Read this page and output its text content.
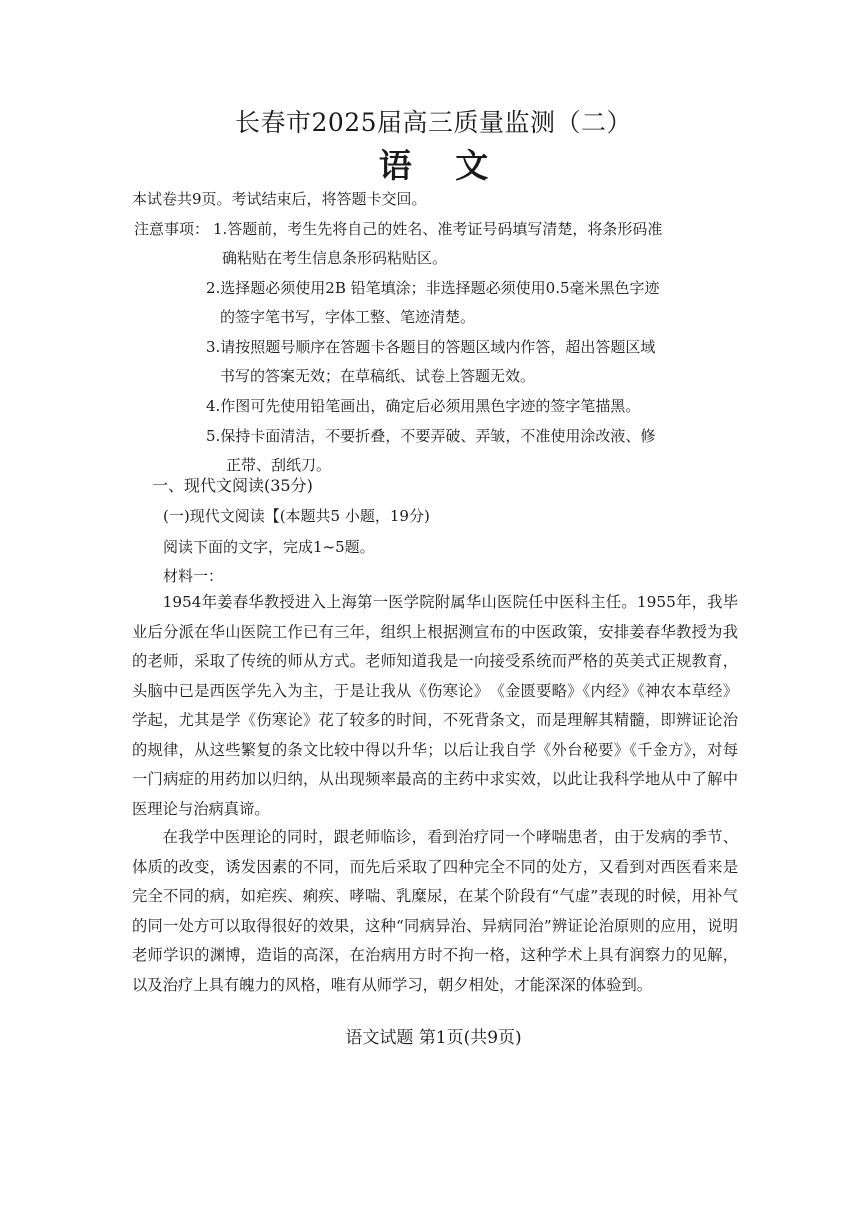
长春市2025届高三质量监测（二）
语 文
本试卷共9页。考试结束后，将答题卡交回。
注意事项： 1.答题前，考生先将自己的姓名、准考证号码填写清楚，将条形码准
确粘贴在考生信息条形码粘贴区。
2.选择题必须使用2B 铅笔填涂；非选择题必须使用0.5毫米黑色字迹
的签字笔书写，字体工整、笔迹清楚。
3.请按照题号顺序在答题卡各题目的答题区域内作答，超出答题区域
书写的答案无效；在草稿纸、试卷上答题无效。
4.作图可先使用铅笔画出，确定后必须用黑色字迹的签字笔描黑。
5.保持卡面清洁，不要折叠，不要弄破、弄皱，不准使用涂改液、修
正带、刮纸刀。
一、现代文阅读(35分)
(一)现代文阅读【(本题共5 小题，19分)
阅读下面的文字，完成1~5题。
材料一：
1954年姜春华教授进入上海第一医学院附属华山医院任中医科主任。1955年，我毕业后分派在华山医院工作已有三年，组织上根据测宣布的中医政策，安排姜春华教授为我的老师，采取了传统的师从方式。老师知道我是一向接受系统而严格的英美式正规教育，头脑中已是西医学先入为主，于是让我从《伤寒论》　《金匮要略》《内经》《神农本草经》学起，尤其是学《伤寒论》花了较多的时间，不死背条文，而是理解其精髓，即辨证论治的规律，从这些繁复的条文比较中得以升华；以后让我自学《外台秘要》《千金方》，对每一门病症的用药加以归纳，从出现频率最高的主药中求实效，以此让我科学地从中了解中医理论与治病真谛。
在我学中医理论的同时，跟老师临诊，看到治疗同一个哮喘患者，由于发病的季节、体质的改变，诱发因素的不同，而先后采取了四种完全不同的处方，又看到对西医看来是完全不同的病，如疟疾、痢疾、哮喘、乳糜尿，在某个阶段有“气虚”表现的时候，用补气的同一处方可以取得很好的效果，这种“同病异治、异病同治”辨证论治原则的应用，说明老师学识的渊博，造诣的高深，在治病用方时不拘一格，这种学术上具有润察力的见解，以及治疗上具有魄力的风格，唯有从师学习，朝夕相处，才能深深的体验到。
语文试题 第1页(共9页)
